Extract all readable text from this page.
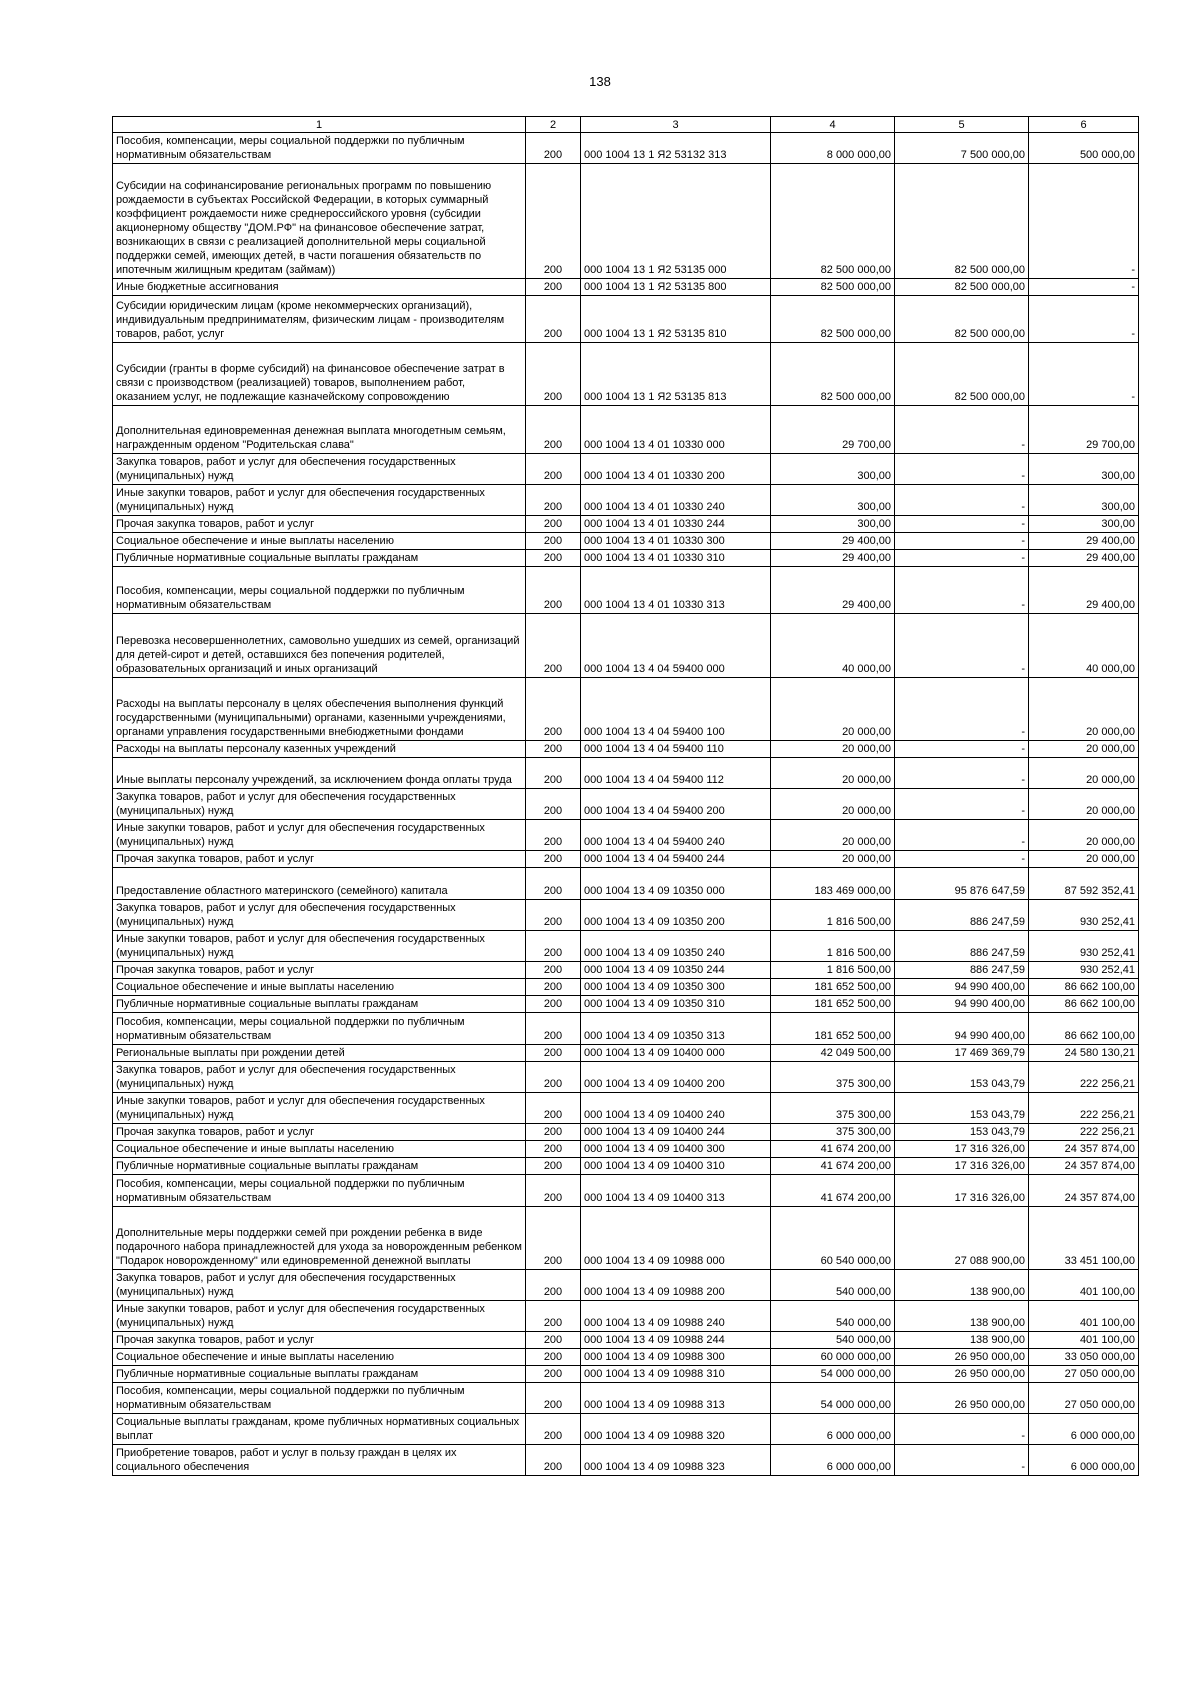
138
1	2	3	4	5	6
Пособия, компенсации, меры социальной поддержки по публичным нормативным обязательствам	200	000 1004 13 1 Я2 53132 313	8 000 000,00	7 500 000,00	500 000,00
Субсидии на софинансирование региональных программ по повышению рождаемости в субъектах Российской Федерации, в которых суммарный коэффициент рождаемости ниже среднероссийского уровня (субсидии акционерному обществу "ДОМ.РФ" на финансовое обеспечение затрат, возникающих в связи с реализацией дополнительной меры социальной поддержки семей, имеющих детей, в части погашения обязательств по ипотечным жилищным кредитам (займам))	200	000 1004 13 1 Я2 53135 000	82 500 000,00	82 500 000,00	-
Иные бюджетные ассигнования	200	000 1004 13 1 Я2 53135 800	82 500 000,00	82 500 000,00	-
Субсидии юридическим лицам (кроме некоммерческих организаций), индивидуальным предпринимателям, физическим лицам - производителям товаров, работ, услуг	200	000 1004 13 1 Я2 53135 810	82 500 000,00	82 500 000,00	-
Субсидии (гранты в форме субсидий) на финансовое обеспечение затрат в связи с производством (реализацией) товаров, выполнением работ, оказанием услуг, не подлежащие казначейскому сопровождению	200	000 1004 13 1 Я2 53135 813	82 500 000,00	82 500 000,00	-
Дополнительная единовременная денежная выплата многодетным семьям, награжденным орденом "Родительская слава"	200	000 1004 13 4 01 10330 000	29 700,00	-	29 700,00
Закупка товаров, работ и услуг для обеспечения государственных (муниципальных) нужд	200	000 1004 13 4 01 10330 200	300,00	-	300,00
Иные закупки товаров, работ и услуг для обеспечения государственных (муниципальных) нужд	200	000 1004 13 4 01 10330 240	300,00	-	300,00
Прочая закупка товаров, работ и услуг	200	000 1004 13 4 01 10330 244	300,00	-	300,00
Социальное обеспечение и иные выплаты населению	200	000 1004 13 4 01 10330 300	29 400,00	-	29 400,00
Публичные нормативные социальные выплаты гражданам	200	000 1004 13 4 01 10330 310	29 400,00	-	29 400,00
Пособия, компенсации, меры социальной поддержки по публичным нормативным обязательствам	200	000 1004 13 4 01 10330 313	29 400,00	-	29 400,00
Перевозка несовершеннолетних, самовольно ушедших из семей, организаций для детей-сирот и детей, оставшихся без попечения родителей, образовательных организаций и иных организаций	200	000 1004 13 4 04 59400 000	40 000,00	-	40 000,00
Расходы на выплаты персоналу в целях обеспечения выполнения функций государственными (муниципальными) органами, казенными учреждениями, органами управления государственными внебюджетными фондами	200	000 1004 13 4 04 59400 100	20 000,00	-	20 000,00
Расходы на выплаты персоналу казенных учреждений	200	000 1004 13 4 04 59400 110	20 000,00	-	20 000,00
Иные выплаты персоналу учреждений, за исключением фонда оплаты труда	200	000 1004 13 4 04 59400 112	20 000,00	-	20 000,00
Закупка товаров, работ и услуг для обеспечения государственных (муниципальных) нужд	200	000 1004 13 4 04 59400 200	20 000,00	-	20 000,00
Иные закупки товаров, работ и услуг для обеспечения государственных (муниципальных) нужд	200	000 1004 13 4 04 59400 240	20 000,00	-	20 000,00
Прочая закупка товаров, работ и услуг	200	000 1004 13 4 04 59400 244	20 000,00	-	20 000,00
Предоставление областного материнского (семейного) капитала	200	000 1004 13 4 09 10350 000	183 469 000,00	95 876 647,59	87 592 352,41
Закупка товаров, работ и услуг для обеспечения государственных (муниципальных) нужд	200	000 1004 13 4 09 10350 200	1 816 500,00	886 247,59	930 252,41
Иные закупки товаров, работ и услуг для обеспечения государственных (муниципальных) нужд	200	000 1004 13 4 09 10350 240	1 816 500,00	886 247,59	930 252,41
Прочая закупка товаров, работ и услуг	200	000 1004 13 4 09 10350 244	1 816 500,00	886 247,59	930 252,41
Социальное обеспечение и иные выплаты населению	200	000 1004 13 4 09 10350 300	181 652 500,00	94 990 400,00	86 662 100,00
Публичные нормативные социальные выплаты гражданам	200	000 1004 13 4 09 10350 310	181 652 500,00	94 990 400,00	86 662 100,00
Пособия, компенсации, меры социальной поддержки по публичным нормативным обязательствам	200	000 1004 13 4 09 10350 313	181 652 500,00	94 990 400,00	86 662 100,00
Региональные выплаты при рождении детей	200	000 1004 13 4 09 10400 000	42 049 500,00	17 469 369,79	24 580 130,21
Закупка товаров, работ и услуг для обеспечения государственных (муниципальных) нужд	200	000 1004 13 4 09 10400 200	375 300,00	153 043,79	222 256,21
Иные закупки товаров, работ и услуг для обеспечения государственных (муниципальных) нужд	200	000 1004 13 4 09 10400 240	375 300,00	153 043,79	222 256,21
Прочая закупка товаров, работ и услуг	200	000 1004 13 4 09 10400 244	375 300,00	153 043,79	222 256,21
Социальное обеспечение и иные выплаты населению	200	000 1004 13 4 09 10400 300	41 674 200,00	17 316 326,00	24 357 874,00
Публичные нормативные социальные выплаты гражданам	200	000 1004 13 4 09 10400 310	41 674 200,00	17 316 326,00	24 357 874,00
Пособия, компенсации, меры социальной поддержки по публичным нормативным обязательствам	200	000 1004 13 4 09 10400 313	41 674 200,00	17 316 326,00	24 357 874,00
Дополнительные меры поддержки семей при рождении ребенка в виде подарочного набора принадлежностей для ухода за новорожденным ребенком "Подарок новорожденному" или единовременной денежной выплаты	200	000 1004 13 4 09 10988 000	60 540 000,00	27 088 900,00	33 451 100,00
Закупка товаров, работ и услуг для обеспечения государственных (муниципальных) нужд	200	000 1004 13 4 09 10988 200	540 000,00	138 900,00	401 100,00
Иные закупки товаров, работ и услуг для обеспечения государственных (муниципальных) нужд	200	000 1004 13 4 09 10988 240	540 000,00	138 900,00	401 100,00
Прочая закупка товаров, работ и услуг	200	000 1004 13 4 09 10988 244	540 000,00	138 900,00	401 100,00
Социальное обеспечение и иные выплаты населению	200	000 1004 13 4 09 10988 300	60 000 000,00	26 950 000,00	33 050 000,00
Публичные нормативные социальные выплаты гражданам	200	000 1004 13 4 09 10988 310	54 000 000,00	26 950 000,00	27 050 000,00
Пособия, компенсации, меры социальной поддержки по публичным нормативным обязательствам	200	000 1004 13 4 09 10988 313	54 000 000,00	26 950 000,00	27 050 000,00
Социальные выплаты гражданам, кроме публичных нормативных социальных выплат	200	000 1004 13 4 09 10988 320	6 000 000,00	-	6 000 000,00
Приобретение товаров, работ и услуг в пользу граждан в целях их социального обеспечения	200	000 1004 13 4 09 10988 323	6 000 000,00	-	6 000 000,00
